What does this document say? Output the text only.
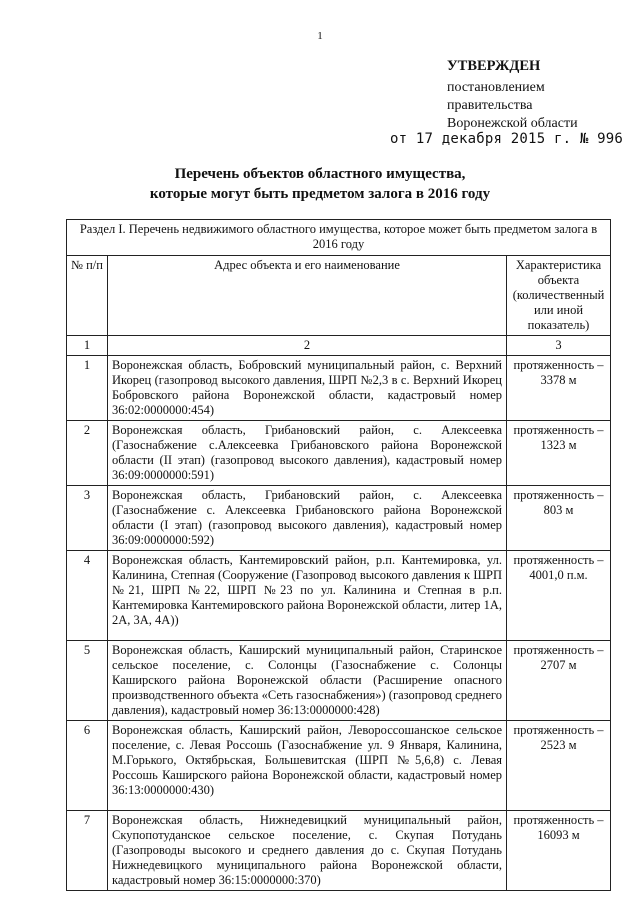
1
УТВЕРЖДЕН
постановлением
правительства
Воронежской области
от 17 декабря 2015 г. № 996
Перечень объектов областного имущества,
которые могут быть предметом залога в 2016 году
Раздел I. Перечень недвижимого областного имущества, которое может быть предметом залога в 2016 году		
№ п/п	Адрес объекта и его наименование	Характеристика объекта (количественный или иной показатель)
1	2	3
1	Воронежская область, Бобровский муниципальный район, с. Верхний Икорец (газопровод высокого давления, ШРП №2,3 в с. Верхний Икорец Бобровского района Воронежской области, кадастровый номер 36:02:0000000:454)	протяженность – 3378 м
2	Воронежская область, Грибановский район, с. Алексеевка (Газоснабжение с.Алексеевка Грибановского района Воронежской области (II этап) (газопровод высокого давления), кадастровый номер 36:09:0000000:591)	протяженность – 1323 м
3	Воронежская область, Грибановский район, с. Алексеевка (Газоснабжение с. Алексеевка Грибановского района Воронежской области (I этап) (газопровод высокого давления), кадастровый номер 36:09:0000000:592)	протяженность – 803 м
4	Воронежская область, Кантемировский район, р.п. Кантемировка, ул. Калинина, Степная (Сооружение (Газопровод высокого давления к ШРП №21, ШРП №22, ШРП №23 по ул. Калинина и Степная в р.п. Кантемировка Кантемировского района Воронежской области, литер 1А, 2А, 3А, 4А))	протяженность – 4001,0 п.м.
5	Воронежская область, Каширский муниципальный район, Старинское сельское поселение, с. Солонцы (Газоснабжение с. Солонцы Каширского района Воронежской области (Расширение опасного производственного объекта «Сеть газоснабжения») (газопровод среднего давления), кадастровый номер 36:13:0000000:428)	протяженность – 2707 м
6	Воронежская область, Каширский район, Левороссошанское сельское поселение, с. Левая Россошь (Газоснабжение ул. 9 Января, Калинина, М.Горького, Октябрьская, Большевитская (ШРП №5,6,8) с. Левая Россошь Каширского района Воронежской области, кадастровый номер 36:13:0000000:430)	протяженность – 2523 м
7	Воронежская область, Нижнедевицкий муниципальный район, Скупопотуданское сельское поселение, с. Скупая Потудань (Газопроводы высокого и среднего давления до с. Скупая Потудань Нижнедевицкого муниципального района Воронежской области, кадастровый номер 36:15:0000000:370)	протяженность – 16093 м
